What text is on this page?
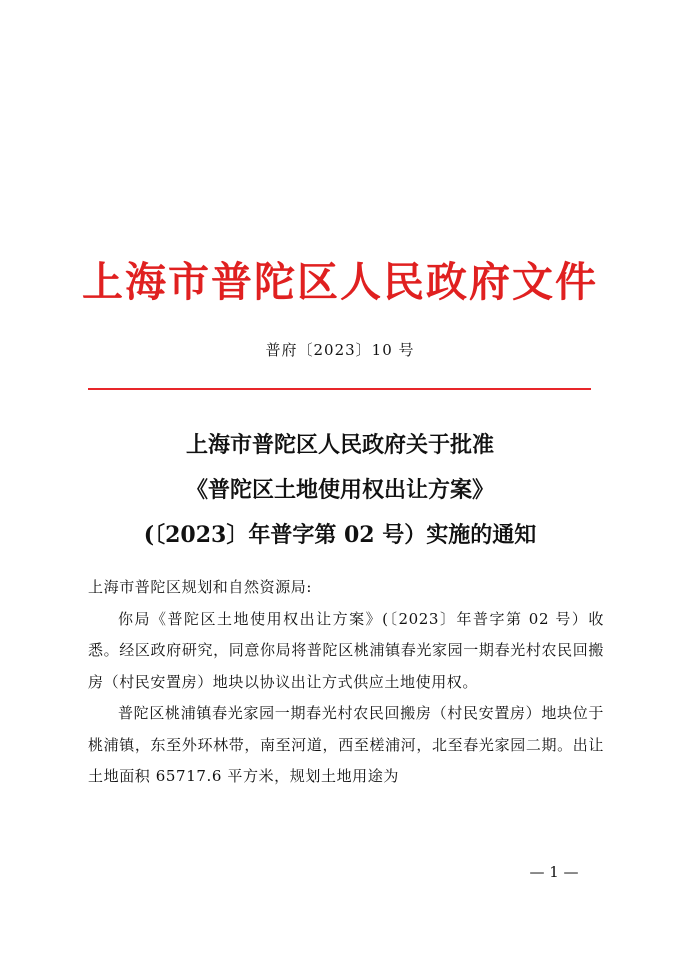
上海市普陀区人民政府文件
普府〔2023〕10 号
上海市普陀区人民政府关于批准
《普陀区土地使用权出让方案》
(〔2023〕年普字第 02 号）实施的通知

上海市普陀区规划和自然资源局:

你局《普陀区土地使用权出让方案》(〔2023〕年普字第 02 号）收悉。经区政府研究，同意你局将普陀区桃浦镇春光家园一期春光村农民回搬房（村民安置房）地块以协议出让方式供应土地使用权。

普陀区桃浦镇春光家园一期春光村农民回搬房（村民安置房）地块位于桃浦镇，东至外环林带，南至河道，西至槎浦河，北至春光家园二期。出让土地面积 65717.6 平方米，规划土地用途为

— 1 —
